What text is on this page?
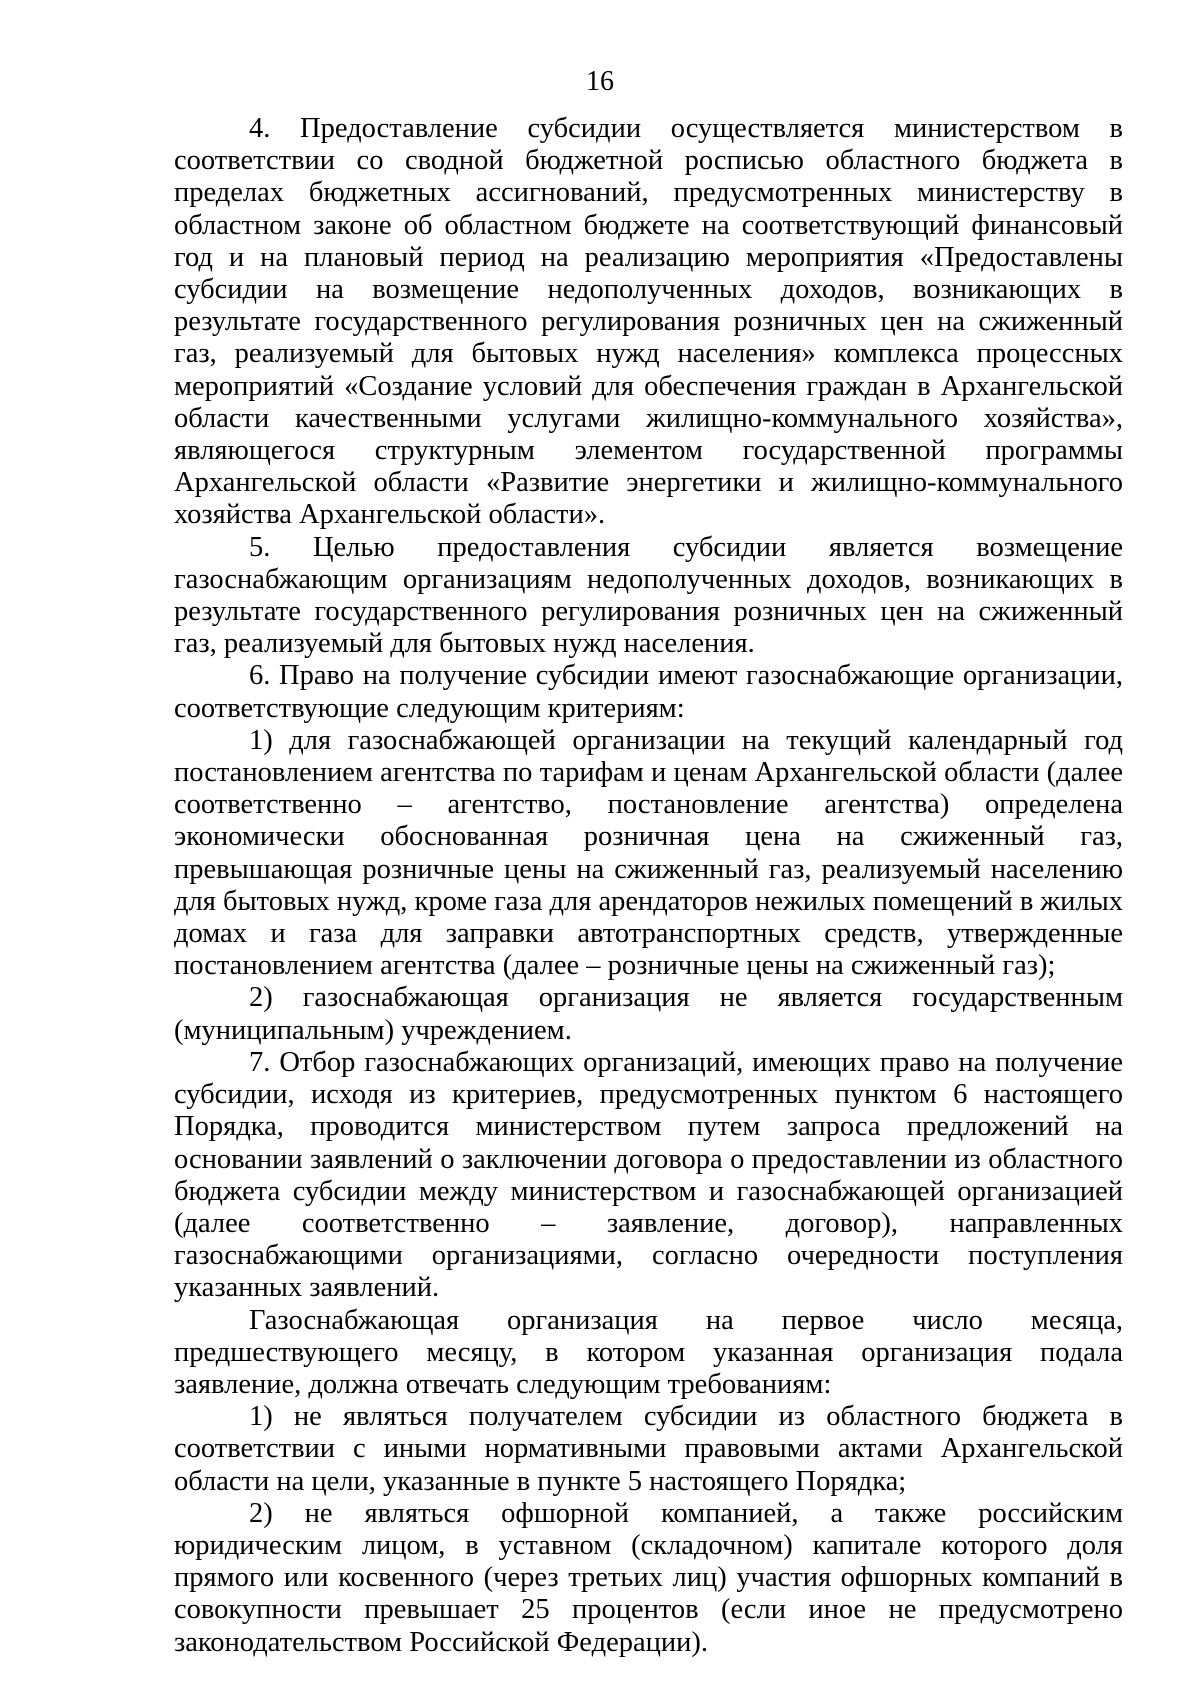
16

4. Предоставление субсидии осуществляется министерством в соответствии со сводной бюджетной росписью областного бюджета в пределах бюджетных ассигнований, предусмотренных министерству в областном законе об областном бюджете на соответствующий финансовый год и на плановый период на реализацию мероприятия «Предоставлены субсидии на возмещение недополученных доходов, возникающих в результате государственного регулирования розничных цен на сжиженный газ, реализуемый для бытовых нужд населения» комплекса процессных мероприятий «Создание условий для обеспечения граждан в Архангельской области качественными услугами жилищно-коммунального хозяйства», являющегося структурным элементом государственной программы Архангельской области «Развитие энергетики и жилищно-коммунального хозяйства Архангельской области».

5. Целью предоставления субсидии является возмещение газоснабжающим организациям недополученных доходов, возникающих в результате государственного регулирования розничных цен на сжиженный газ, реализуемый для бытовых нужд населения.

6. Право на получение субсидии имеют газоснабжающие организации, соответствующие следующим критериям:

1) для газоснабжающей организации на текущий календарный год постановлением агентства по тарифам и ценам Архангельской области (далее соответственно – агентство, постановление агентства) определена экономически обоснованная розничная цена на сжиженный газ, превышающая розничные цены на сжиженный газ, реализуемый населению для бытовых нужд, кроме газа для арендаторов нежилых помещений в жилых домах и газа для заправки автотранспортных средств, утвержденные постановлением агентства (далее – розничные цены на сжиженный газ);

2) газоснабжающая организация не является государственным (муниципальным) учреждением.

7. Отбор газоснабжающих организаций, имеющих право на получение субсидии, исходя из критериев, предусмотренных пунктом 6 настоящего Порядка, проводится министерством путем запроса предложений на основании заявлений о заключении договора о предоставлении из областного бюджета субсидии между министерством и газоснабжающей организацией (далее соответственно – заявление, договор), направленных газоснабжающими организациями, согласно очередности поступления указанных заявлений.

Газоснабжающая организация на первое число месяца, предшествующего месяцу, в котором указанная организация подала заявление, должна отвечать следующим требованиям:

1) не являться получателем субсидии из областного бюджета в соответствии с иными нормативными правовыми актами Архангельской области на цели, указанные в пункте 5 настоящего Порядка;

2) не являться офшорной компанией, а также российским юридическим лицом, в уставном (складочном) капитале которого доля прямого или косвенного (через третьих лиц) участия офшорных компаний в совокупности превышает 25 процентов (если иное не предусмотрено законодательством Российской Федерации).
